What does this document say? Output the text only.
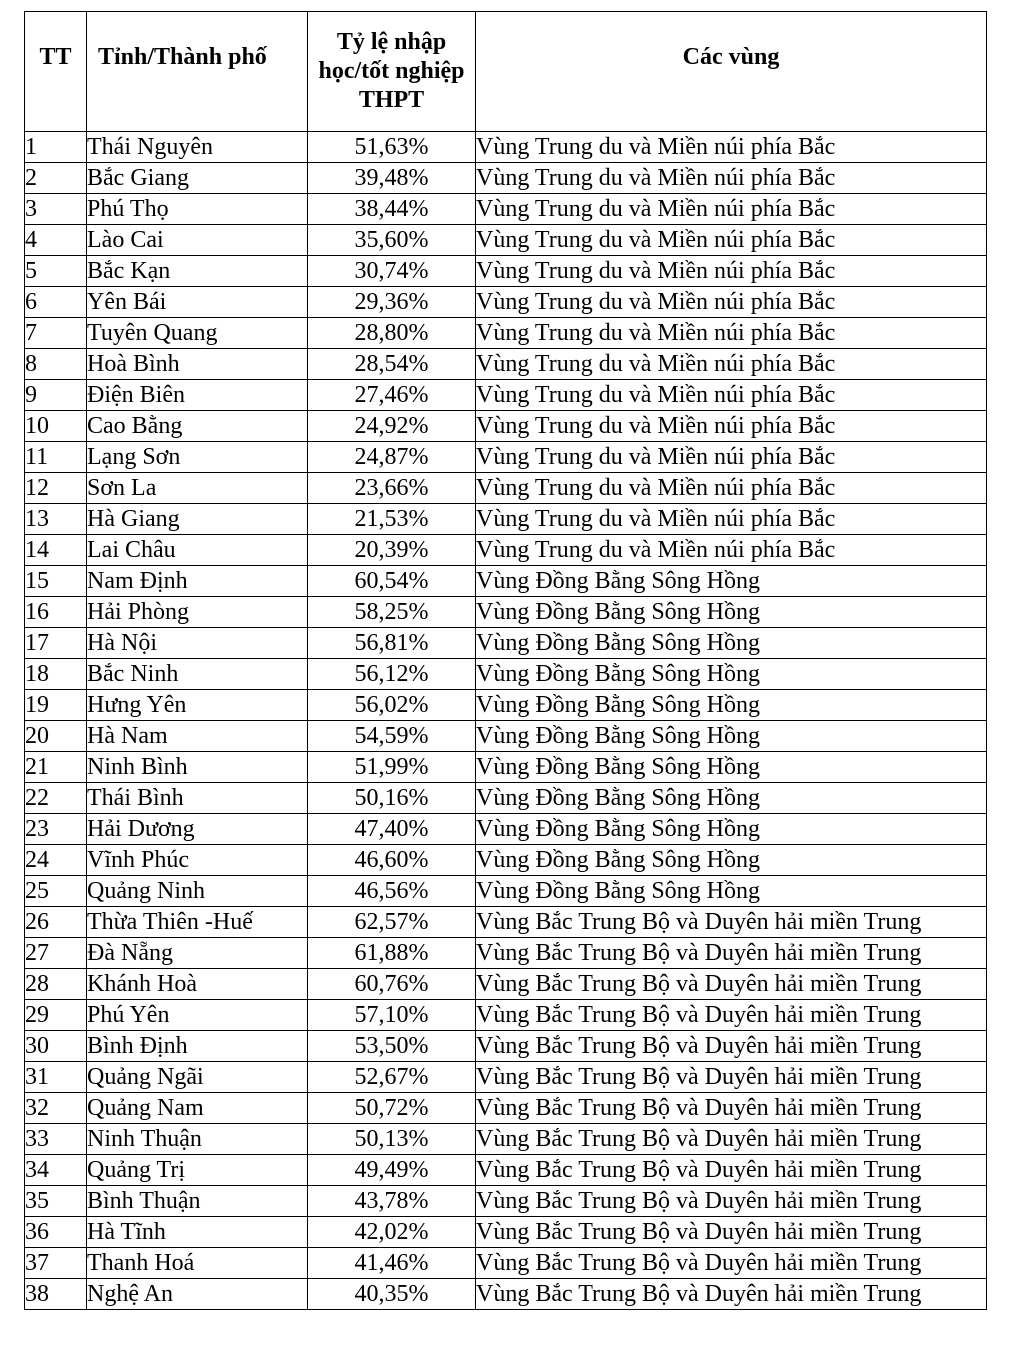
TT	Tỉnh/Thành phố	Tỷ lệ nhập học/tốt nghiệp THPT	Các vùng
1	Thái Nguyên	51,63%	Vùng Trung du và Miền núi phía Bắc
2	Bắc Giang	39,48%	Vùng Trung du và Miền núi phía Bắc
3	Phú Thọ	38,44%	Vùng Trung du và Miền núi phía Bắc
4	Lào Cai	35,60%	Vùng Trung du và Miền núi phía Bắc
5	Bắc Kạn	30,74%	Vùng Trung du và Miền núi phía Bắc
6	Yên Bái	29,36%	Vùng Trung du và Miền núi phía Bắc
7	Tuyên Quang	28,80%	Vùng Trung du và Miền núi phía Bắc
8	Hoà Bình	28,54%	Vùng Trung du và Miền núi phía Bắc
9	Điện Biên	27,46%	Vùng Trung du và Miền núi phía Bắc
10	Cao Bằng	24,92%	Vùng Trung du và Miền núi phía Bắc
11	Lạng Sơn	24,87%	Vùng Trung du và Miền núi phía Bắc
12	Sơn La	23,66%	Vùng Trung du và Miền núi phía Bắc
13	Hà Giang	21,53%	Vùng Trung du và Miền núi phía Bắc
14	Lai Châu	20,39%	Vùng Trung du và Miền núi phía Bắc
15	Nam Định	60,54%	Vùng Đồng Bằng Sông Hồng
16	Hải Phòng	58,25%	Vùng Đồng Bằng Sông Hồng
17	Hà Nội	56,81%	Vùng Đồng Bằng Sông Hồng
18	Bắc Ninh	56,12%	Vùng Đồng Bằng Sông Hồng
19	Hưng Yên	56,02%	Vùng Đồng Bằng Sông Hồng
20	Hà Nam	54,59%	Vùng Đồng Bằng Sông Hồng
21	Ninh Bình	51,99%	Vùng Đồng Bằng Sông Hồng
22	Thái Bình	50,16%	Vùng Đồng Bằng Sông Hồng
23	Hải Dương	47,40%	Vùng Đồng Bằng Sông Hồng
24	Vĩnh Phúc	46,60%	Vùng Đồng Bằng Sông Hồng
25	Quảng Ninh	46,56%	Vùng Đồng Bằng Sông Hồng
26	Thừa Thiên -Huế	62,57%	Vùng Bắc Trung Bộ và Duyên hải miền Trung
27	Đà Nẵng	61,88%	Vùng Bắc Trung Bộ và Duyên hải miền Trung
28	Khánh Hoà	60,76%	Vùng Bắc Trung Bộ và Duyên hải miền Trung
29	Phú Yên	57,10%	Vùng Bắc Trung Bộ và Duyên hải miền Trung
30	Bình Định	53,50%	Vùng Bắc Trung Bộ và Duyên hải miền Trung
31	Quảng Ngãi	52,67%	Vùng Bắc Trung Bộ và Duyên hải miền Trung
32	Quảng Nam	50,72%	Vùng Bắc Trung Bộ và Duyên hải miền Trung
33	Ninh Thuận	50,13%	Vùng Bắc Trung Bộ và Duyên hải miền Trung
34	Quảng Trị	49,49%	Vùng Bắc Trung Bộ và Duyên hải miền Trung
35	Bình Thuận	43,78%	Vùng Bắc Trung Bộ và Duyên hải miền Trung
36	Hà Tĩnh	42,02%	Vùng Bắc Trung Bộ và Duyên hải miền Trung
37	Thanh Hoá	41,46%	Vùng Bắc Trung Bộ và Duyên hải miền Trung
38	Nghệ An	40,35%	Vùng Bắc Trung Bộ và Duyên hải miền Trung
